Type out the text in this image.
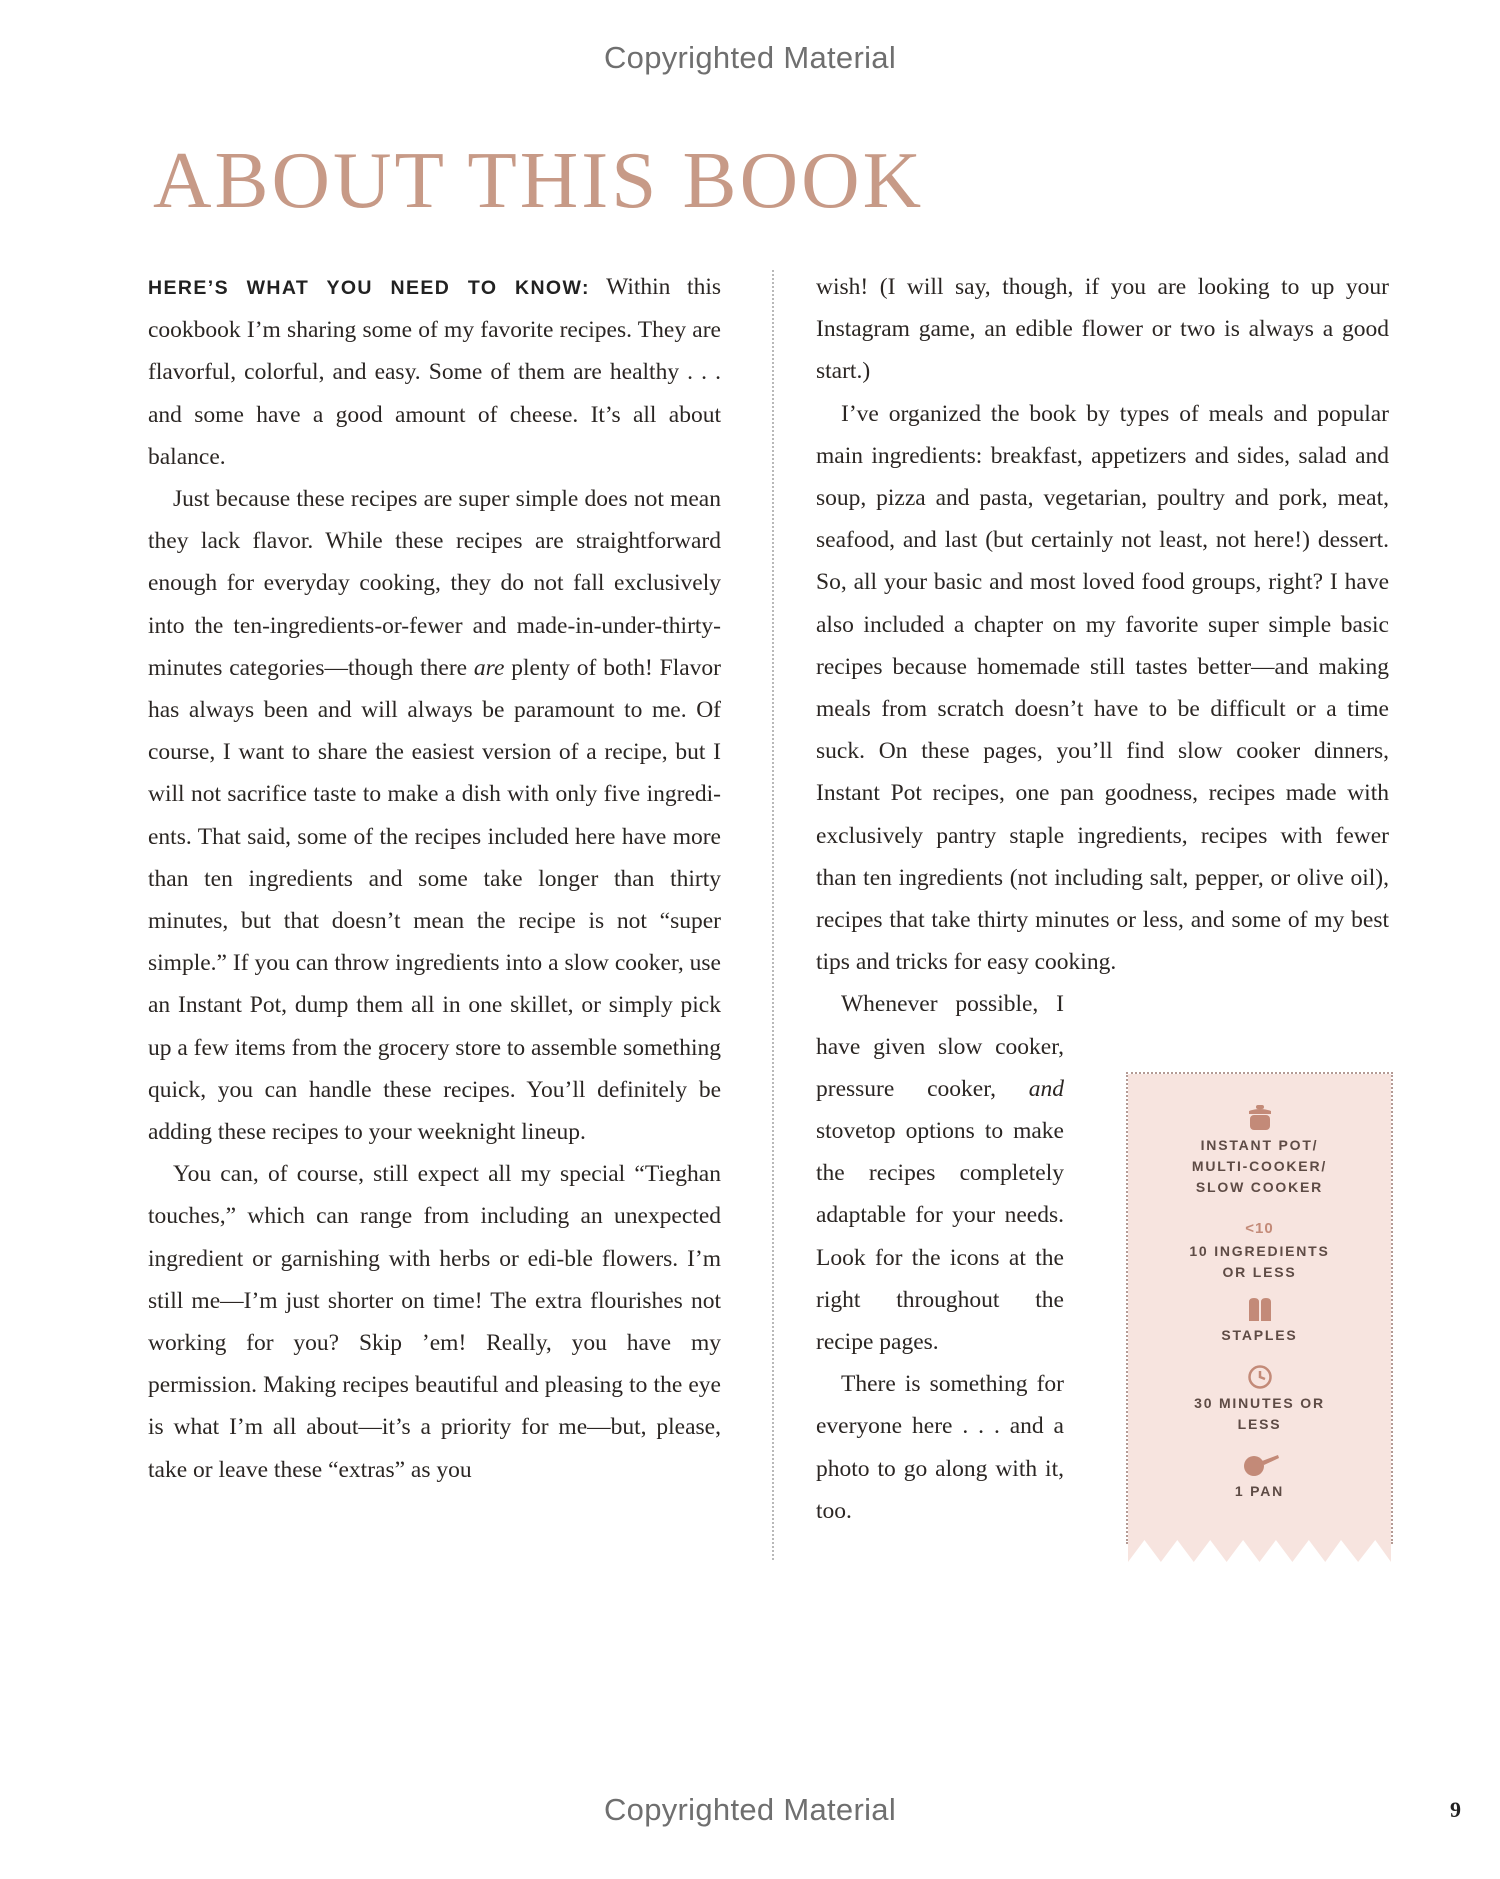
Copyrighted Material
ABOUT THIS BOOK

HERE’S WHAT YOU NEED TO KNOW: Within this cookbook I’m sharing some of my favorite recipes. They are flavorful, colorful, and easy. Some of them are healthy . . . and some have a good amount of cheese. It’s all about balance.

Just because these recipes are super simple does not mean they lack flavor. While these recipes are straightforward enough for everyday cooking, they do not fall exclusively into the ten-ingredients-or-fewer and made-in-under-thirty-minutes categories—though there are plenty of both! Flavor has always been and will always be paramount to me. Of course, I want to share the easiest version of a recipe, but I will not sacrifice taste to make a dish with only five ingredi-ents. That said, some of the recipes included here have more than ten ingredients and some take longer than thirty minutes, but that doesn’t mean the recipe is not “super simple.” If you can throw ingredients into a slow cooker, use an Instant Pot, dump them all in one skillet, or simply pick up a few items from the grocery store to assemble something quick, you can handle these recipes. You’ll definitely be adding these recipes to your weeknight lineup.

You can, of course, still expect all my special “Tieghan touches,” which can range from including an unexpected ingredient or garnishing with herbs or edi-ble flowers. I’m still me—I’m just shorter on time! The extra flourishes not working for you? Skip ’em! Really, you have my permission. Making recipes beautiful and pleasing to the eye is what I’m all about—it’s a priority for me—but, please, take or leave these “extras” as you

wish! (I will say, though, if you are looking to up your Instagram game, an edible flower or two is always a good start.)

I’ve organized the book by types of meals and popular main ingredients: breakfast, appetizers and sides, salad and soup, pizza and pasta, vegetarian, poultry and pork, meat, seafood, and last (but certainly not least, not here!) dessert. So, all your basic and most loved food groups, right? I have also included a chapter on my favorite super simple basic recipes because homemade still tastes better—and making meals from scratch doesn’t have to be difficult or a time suck. On these pages, you’ll find slow cooker dinners, Instant Pot recipes, one pan goodness, recipes made with exclusively pantry staple ingredients, recipes with fewer than ten ingredients (not including salt, pepper, or olive oil), recipes that take thirty minutes or less, and some of my best tips and tricks for easy cooking.

Whenever possible, I have given slow cooker, pressure cooker, and stovetop options to make the recipes completely adaptable for your needs. Look for the icons at the right throughout the recipe pages.

There is something for everyone here . . . and a photo to go along with it, too.

INSTANT POT/ MULTI-COOKER/ SLOW COOKER
<10
10 INGREDIENTS OR LESS
STAPLES
30 MINUTES OR LESS
1 PAN
Copyrighted Material	9
